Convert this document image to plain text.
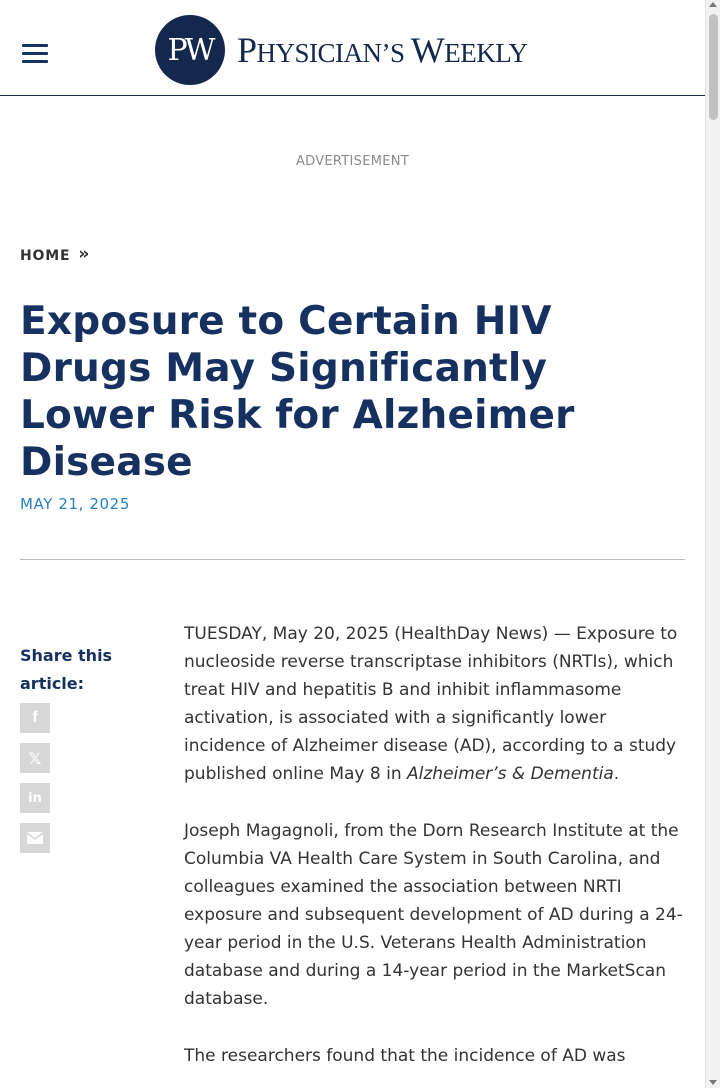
PW PHYSICIAN’S WEEKLY
ADVERTISEMENT
HOME »
Exposure to Certain HIV Drugs May Significantly Lower Risk for Alzheimer Disease
MAY 21, 2025
Share this article:
f
𝕏
in

TUESDAY, May 20, 2025 (HealthDay News) — Exposure to nucleoside reverse transcriptase inhibitors (NRTIs), which treat HIV and hepatitis B and inhibit inflammasome activation, is associated with a significantly lower incidence of Alzheimer disease (AD), according to a study published online May 8 in Alzheimer’s & Dementia.

Joseph Magagnoli, from the Dorn Research Institute at the Columbia VA Health Care System in South Carolina, and colleagues examined the association between NRTI exposure and subsequent development of AD during a 24-year period in the U.S. Veterans Health Administration database and during a 14-year period in the MarketScan database.

The researchers found that the incidence of AD was
